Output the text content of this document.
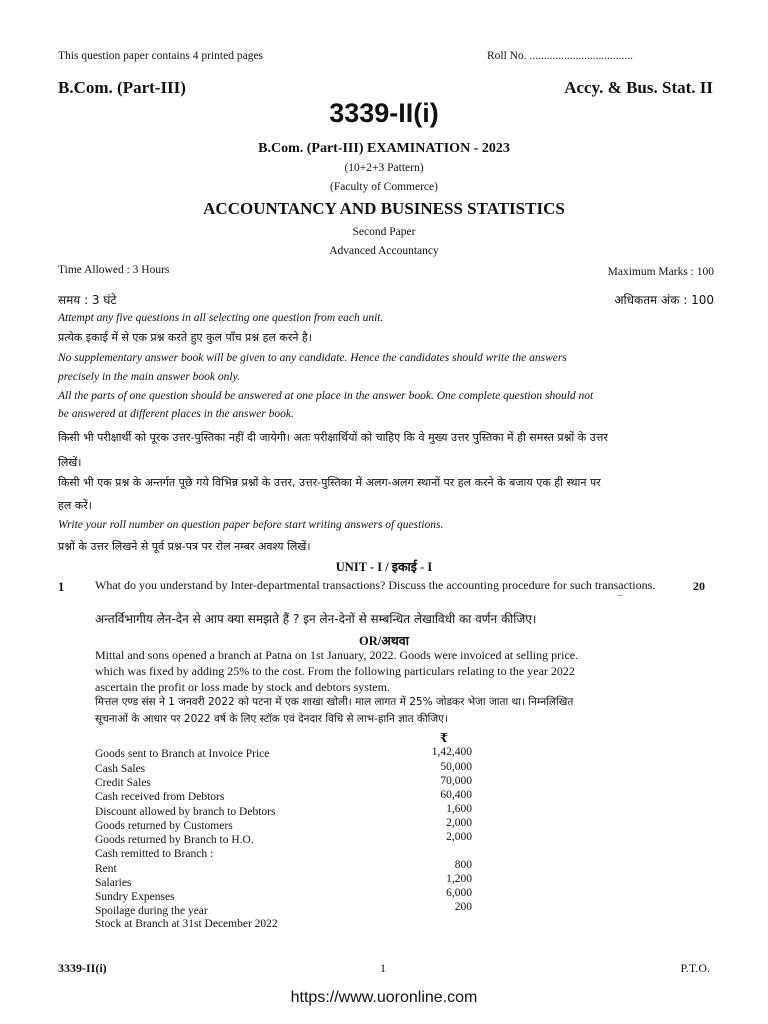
This question paper contains 4 printed pages	Roll No. ....................................
B.Com. (Part-III)	Accy. & Bus. Stat. II
3339-II(i)
B.Com. (Part-III) EXAMINATION - 2023
(10+2+3 Pattern)
(Faculty of Commerce)
ACCOUNTANCY AND BUSINESS STATISTICS
Second Paper
Advanced Accountancy
Time Allowed : 3 Hours	Maximum Marks : 100
समय : 3 घंटे	अधिकतम अंक : 100
Attempt any five questions in all selecting one question from each unit.
प्रत्येक इकाई में से एक प्रश्न करते हुए कुल पाँच प्रश्न हल करने है।
No supplementary answer book will be given to any candidate. Hence the candidates should write the answers
precisely in the main answer book only.
All the parts of one question should be answered at one place in the answer book. One complete question should not
be answered at different places in the answer book.
किसी भी परीक्षार्थी को पूरक उत्तर-पुस्तिका नहीं दी जायेगी। अतः परीक्षार्थियों को चाहिए कि वे मुख्य उत्तर पुस्तिका में ही समस्त प्रश्नों के उत्तर
लिखें।
किसी भी एक प्रश्न के अन्तर्गत पूछे गये विभिन्न प्रश्नों के उत्तर, उत्तर-पुस्तिका में अलग-अलग स्थानों पर हल करने के बजाय एक ही स्थान पर
हल करें।
Write your roll number on question paper before start writing answers of questions.
प्रश्नों के उत्तर लिखने से पूर्व प्रश्न-पत्र पर रोल नम्बर अवश्य लिखें।
UNIT - I / इकाई - I
1	What do you understand by Inter-departmental transactions? Discuss the accounting procedure for such transactions.	20
–
अन्तर्विभागीय लेन-देन से आप क्या समझते हैं ? इन लेन-देनों से सम्बन्धित लेखाविधी का वर्णन कीजिए।
OR/अथवा
Mittal and sons opened a branch at Patna on 1st January, 2022. Goods were invoiced at selling price.
which was fixed by adding 25% to the cost. From the following particulars relating to the year 2022
ascertain the profit or loss made by stock and debtors system.
मित्तल एण्ड संस ने 1 जनवरी 2022 को पटना में एक शाखा खोली। माल लागत में 25% जोडकर भेजा जाता था। निम्नलिखित
सूचनाओं के आधार पर 2022 वर्ष के लिए स्टॉक एवं देनदार विधि से लाभ-हानि ज्ञात कीजिए।
₹
Goods sent to Branch at Invoice Price	1,42,400
Cash Sales	50,000
Credit Sales	70,000
Cash received from Debtors	60,400
Discount allowed by branch to Debtors	1,600
Goods returned by Customers	2,000
Goods returned by Branch to H.O.	2,000
Cash remitted to Branch :
Rent	800
Salaries	1,200
Sundry Expenses	6,000
Spoilage during the year	200
Stock at Branch at 31st December 2022
3339-II(i)	1	P.T.O.
https://www.uoronline.com
